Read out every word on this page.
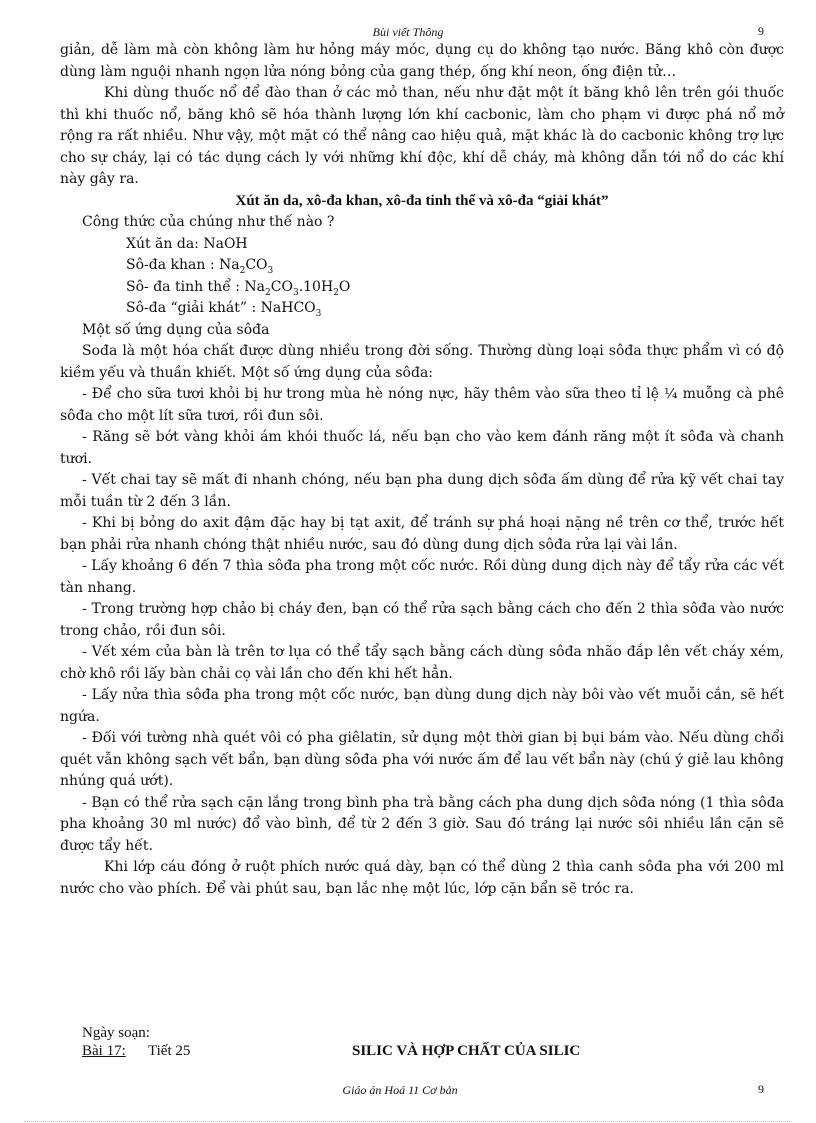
Bùi viết Thông	9

giản, dễ làm mà còn không làm hư hỏng máy móc, dụng cụ do không tạo nước. Băng khô còn được dùng làm nguội nhanh ngọn lửa nóng bỏng của gang thép, ống khí neon, ống điện tử…

Khi dùng thuốc nổ để đào than ở các mỏ than, nếu như đặt một ít băng khô lên trên gói thuốc thì khi thuốc nổ, băng khô sẽ hóa thành lượng lớn khí cacbonic, làm cho phạm vi được phá nổ mở rộng ra rất nhiều. Như vậy, một mặt có thể nâng cao hiệu quả, mặt khác là do cacbonic không trợ lực cho sự cháy, lại có tác dụng cách ly với những khí độc, khí dễ cháy, mà không dẫn tới nổ do các khí này gây ra.

Xút ăn da, xô-đa khan, xô-đa tinh thể và xô-đa “giải khát”

Công thức của chúng như thế nào ?

Xút ăn da: NaOH

Sô-đa khan : $Na_2CO_3$

Sô- đa tinh thể : $Na_2CO_3.10H_2O$

Sô-đa “giải khát” : NaHCO$_3$

Một số ứng dụng của sôđa

Sođa là một hóa chất được dùng nhiều trong đời sống. Thường dùng loại sôđa thực phẩm vì có độ kiềm yếu và thuần khiết. Một số ứng dụng của sôđa:

- Để cho sữa tươi khỏi bị hư trong mùa hè nóng nực, hãy thêm vào sữa theo tỉ lệ ¼ muỗng cà phê sôđa cho một lít sữa tươi, rồi đun sôi.

- Răng sẽ bớt vàng khỏi ám khói thuốc lá, nếu bạn cho vào kem đánh răng một ít sôđa và chanh tươi.

- Vết chai tay sẽ mất đi nhanh chóng, nếu bạn pha dung dịch sôđa ấm dùng để rửa kỹ vết chai tay mỗi tuần từ 2 đến 3 lần.

- Khi bị bỏng do axit đậm đặc hay bị tạt axit, để tránh sự phá hoại nặng nề trên cơ thể, trước hết bạn phải rửa nhanh chóng thật nhiều nước, sau đó dùng dung dịch sôđa rửa lại vài lần.

- Lấy khoảng 6 đến 7 thìa sôđa pha trong một cốc nước. Rồi dùng dung dịch này để tẩy rửa các vết tàn nhang.

- Trong trường hợp chảo bị cháy đen, bạn có thể rửa sạch bằng cách cho đến 2 thìa sôđa vào nước trong chảo, rồi đun sôi.

- Vết xém của bàn là trên tơ lụa có thể tẩy sạch bằng cách dùng sôđa nhão đắp lên vết cháy xém, chờ khô rồi lấy bàn chải cọ vài lần cho đến khi hết hẳn.

- Lấy nửa thìa sôđa pha trong một cốc nước, bạn dùng dung dịch này bôi vào vết muỗi cắn, sẽ hết ngứa.

- Đối với tường nhà quét vôi có pha giêlatin, sử dụng một thời gian bị bụi bám vào. Nếu dùng chổi quét vẫn không sạch vết bẩn, bạn dùng sôđa pha với nước ấm để lau vết bẩn này (chú ý giẻ lau không nhúng quá ướt).

- Bạn có thể rửa sạch cặn lắng trong bình pha trà bằng cách pha dung dịch sôđa nóng (1 thìa sôđa pha khoảng 30 ml nước) đổ vào bình, để từ 2 đến 3 giờ. Sau đó tráng lại nước sôi nhiều lần cặn sẽ được tẩy hết.

Khi lớp cáu đóng ở ruột phích nước quá dày, bạn có thể dùng 2 thìa canh sôđa pha với 200 ml nước cho vào phích. Để vài phút sau, bạn lắc nhẹ một lúc, lớp cặn bẩn sẽ tróc ra.

Ngày soạn:
Bài 17: Tiết 25	SILIC VÀ HỢP CHẤT CỦA SILIC
Giáo án Hoá 11 Cơ bản	9
